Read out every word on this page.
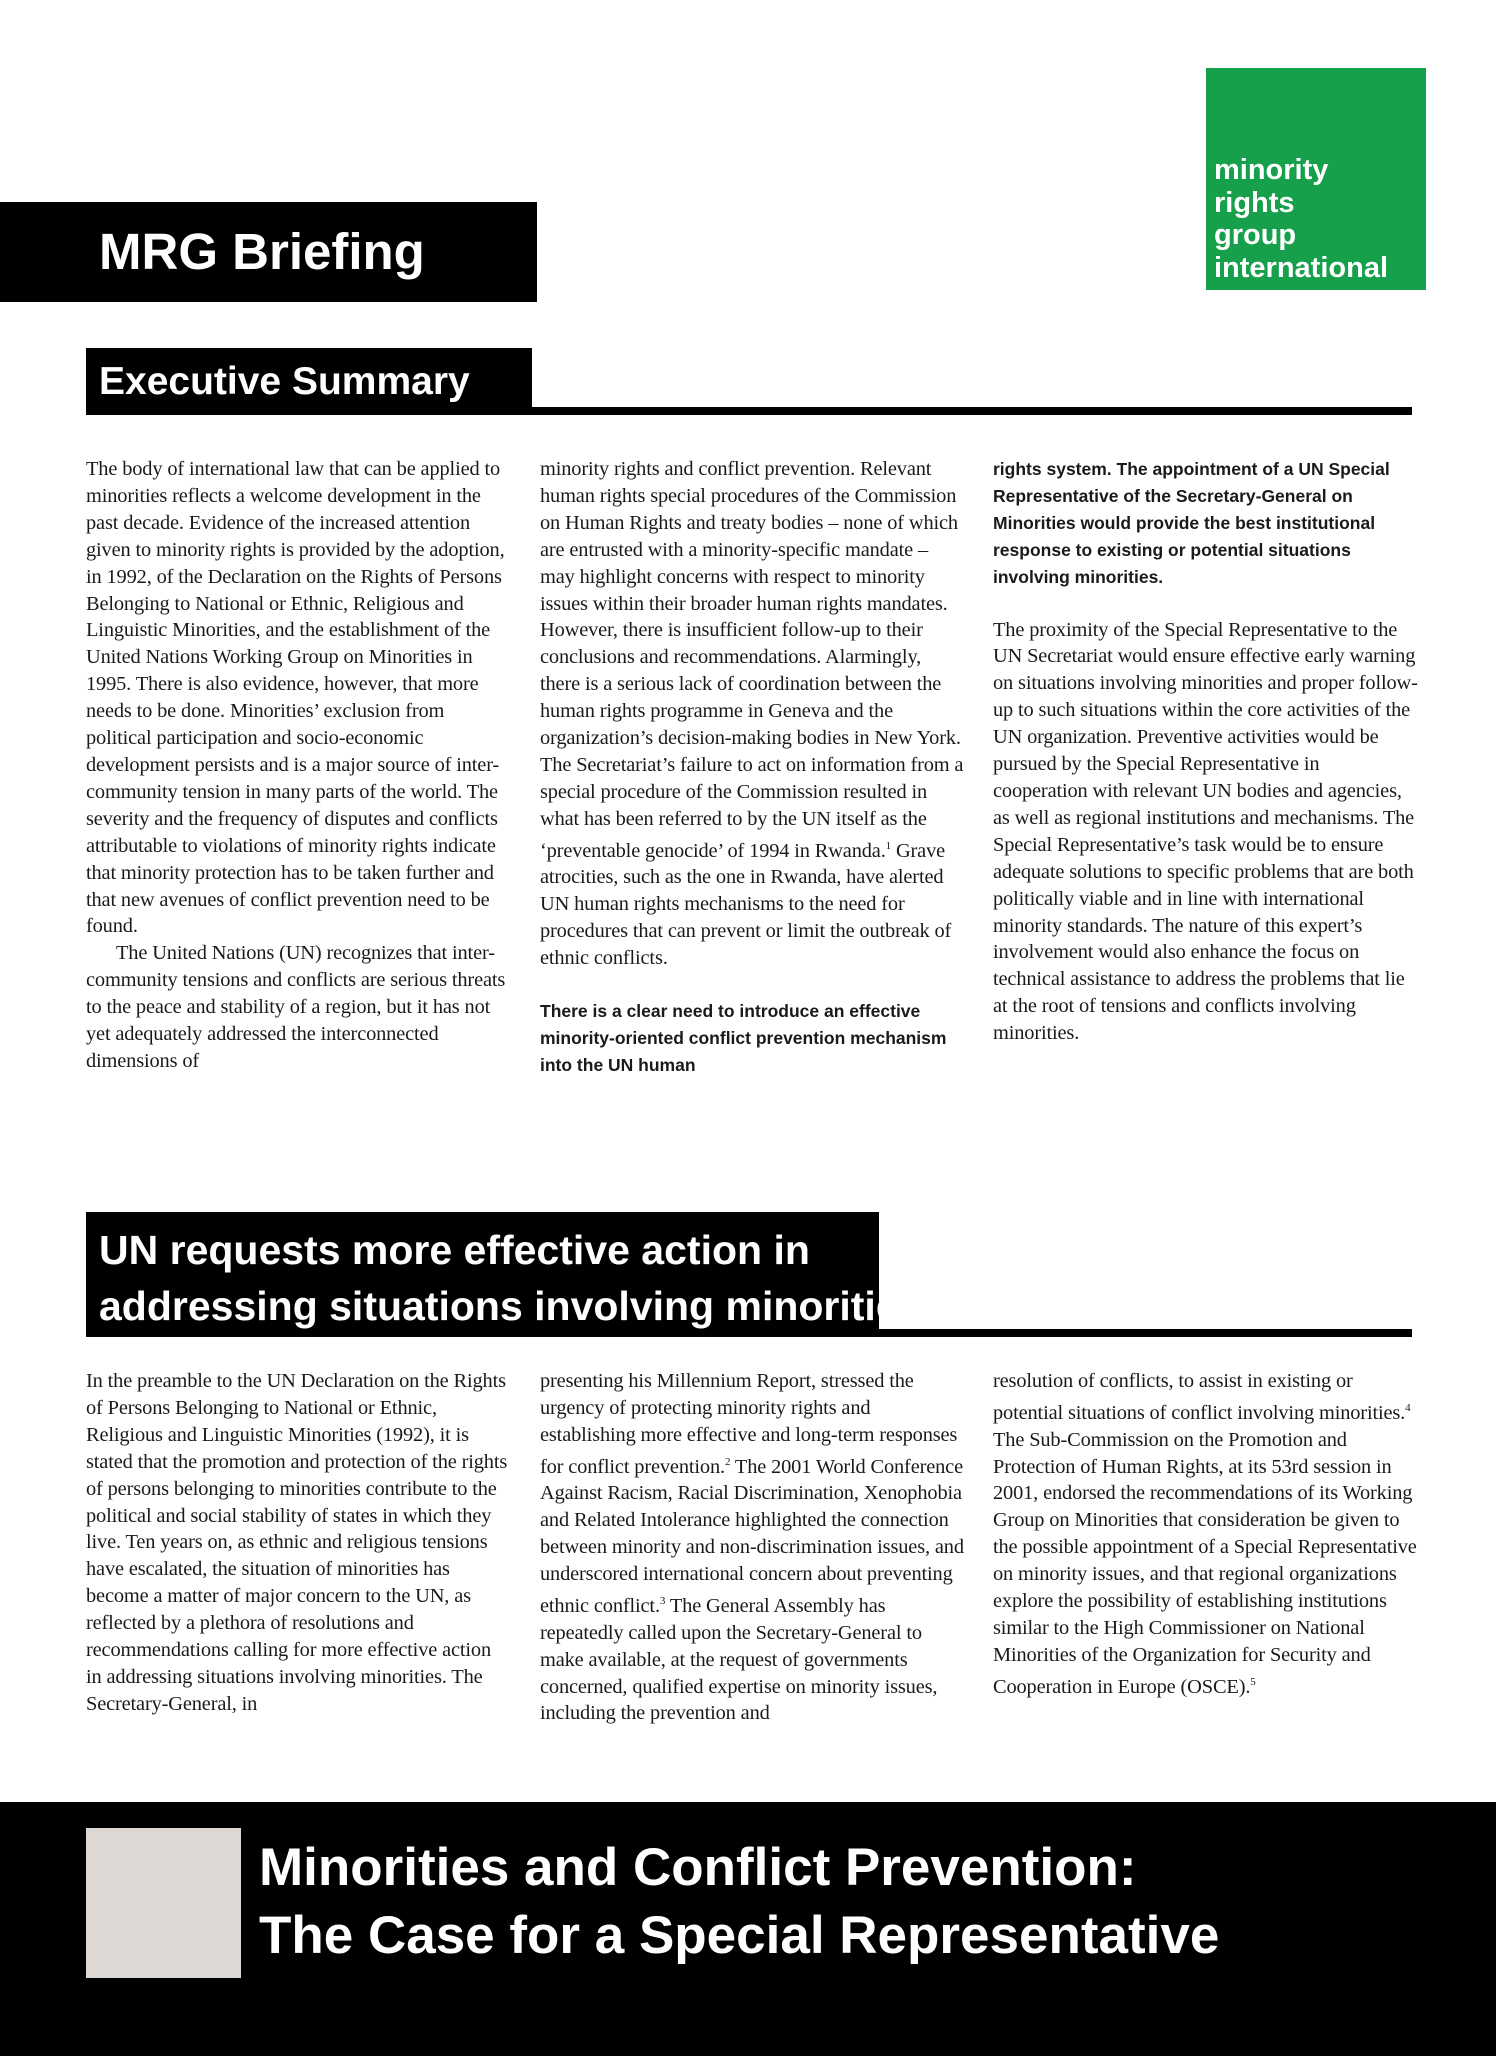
minority
rights
group
international
MRG Briefing
Executive Summary

The body of international law that can be applied to minorities reflects a welcome development in the past decade. Evidence of the increased attention given to minority rights is provided by the adoption, in 1992, of the Declaration on the Rights of Persons Belonging to National or Ethnic, Religious and Linguistic Minorities, and the establishment of the United Nations Working Group on Minorities in 1995. There is also evidence, however, that more needs to be done. Minorities’ exclusion from political participation and socio-economic development persists and is a major source of inter-community tension in many parts of the world. The severity and the frequency of disputes and conflicts attributable to violations of minority rights indicate that minority protection has to be taken further and that new avenues of conflict prevention need to be found.

The United Nations (UN) recognizes that inter-community tensions and conflicts are serious threats to the peace and stability of a region, but it has not yet adequately addressed the interconnected dimensions of

minority rights and conflict prevention. Relevant human rights special procedures of the Commission on Human Rights and treaty bodies – none of which are entrusted with a minority-specific mandate – may highlight concerns with respect to minority issues within their broader human rights mandates. However, there is insufficient follow-up to their conclusions and recommendations. Alarmingly, there is a serious lack of coordination between the human rights programme in Geneva and the organization’s decision-making bodies in New York. The Secretariat’s failure to act on information from a special procedure of the Commission resulted in what has been referred to by the UN itself as the ‘preventable genocide’ of 1994 in Rwanda.$^1$ Grave atrocities, such as the one in Rwanda, have alerted UN human rights mechanisms to the need for procedures that can prevent or limit the outbreak of ethnic conflicts.

There is a clear need to introduce an effective minority-oriented conflict prevention mechanism into the UN human

rights system. The appointment of a UN Special Representative of the Secretary-General on Minorities would provide the best institutional response to existing or potential situations involving minorities.

The proximity of the Special Representative to the UN Secretariat would ensure effective early warning on situations involving minorities and proper follow-up to such situations within the core activities of the UN organization. Preventive activities would be pursued by the Special Representative in cooperation with relevant UN bodies and agencies, as well as regional institutions and mechanisms. The Special Representative’s task would be to ensure adequate solutions to specific problems that are both politically viable and in line with international minority standards. The nature of this expert’s involvement would also enhance the focus on technical assistance to address the problems that lie at the root of tensions and conflicts involving minorities.

UN requests more effective action in
addressing situations involving minorities

In the preamble to the UN Declaration on the Rights of Persons Belonging to National or Ethnic, Religious and Linguistic Minorities (1992), it is stated that the promotion and protection of the rights of persons belonging to minorities contribute to the political and social stability of states in which they live. Ten years on, as ethnic and religious tensions have escalated, the situation of minorities has become a matter of major concern to the UN, as reflected by a plethora of resolutions and recommendations calling for more effective action in addressing situations involving minorities. The Secretary-General, in

presenting his Millennium Report, stressed the urgency of protecting minority rights and establishing more effective and long-term responses for conflict prevention.$^2$ The 2001 World Conference Against Racism, Racial Discrimination, Xenophobia and Related Intolerance highlighted the connection between minority and non-discrimination issues, and underscored international concern about preventing ethnic conflict.$^3$ The General Assembly has repeatedly called upon the Secretary-General to make available, at the request of governments concerned, qualified expertise on minority issues, including the prevention and

resolution of conflicts, to assist in existing or potential situations of conflict involving minorities.$^4$ The Sub-Commission on the Promotion and Protection of Human Rights, at its 53rd session in 2001, endorsed the recommendations of its Working Group on Minorities that consideration be given to the possible appointment of a Special Representative on minority issues, and that regional organizations explore the possibility of establishing institutions similar to the High Commissioner on National Minorities of the Organization for Security and Cooperation in Europe (OSCE).$^5$

Minorities and Conflict Prevention:
The Case for a Special Representative
